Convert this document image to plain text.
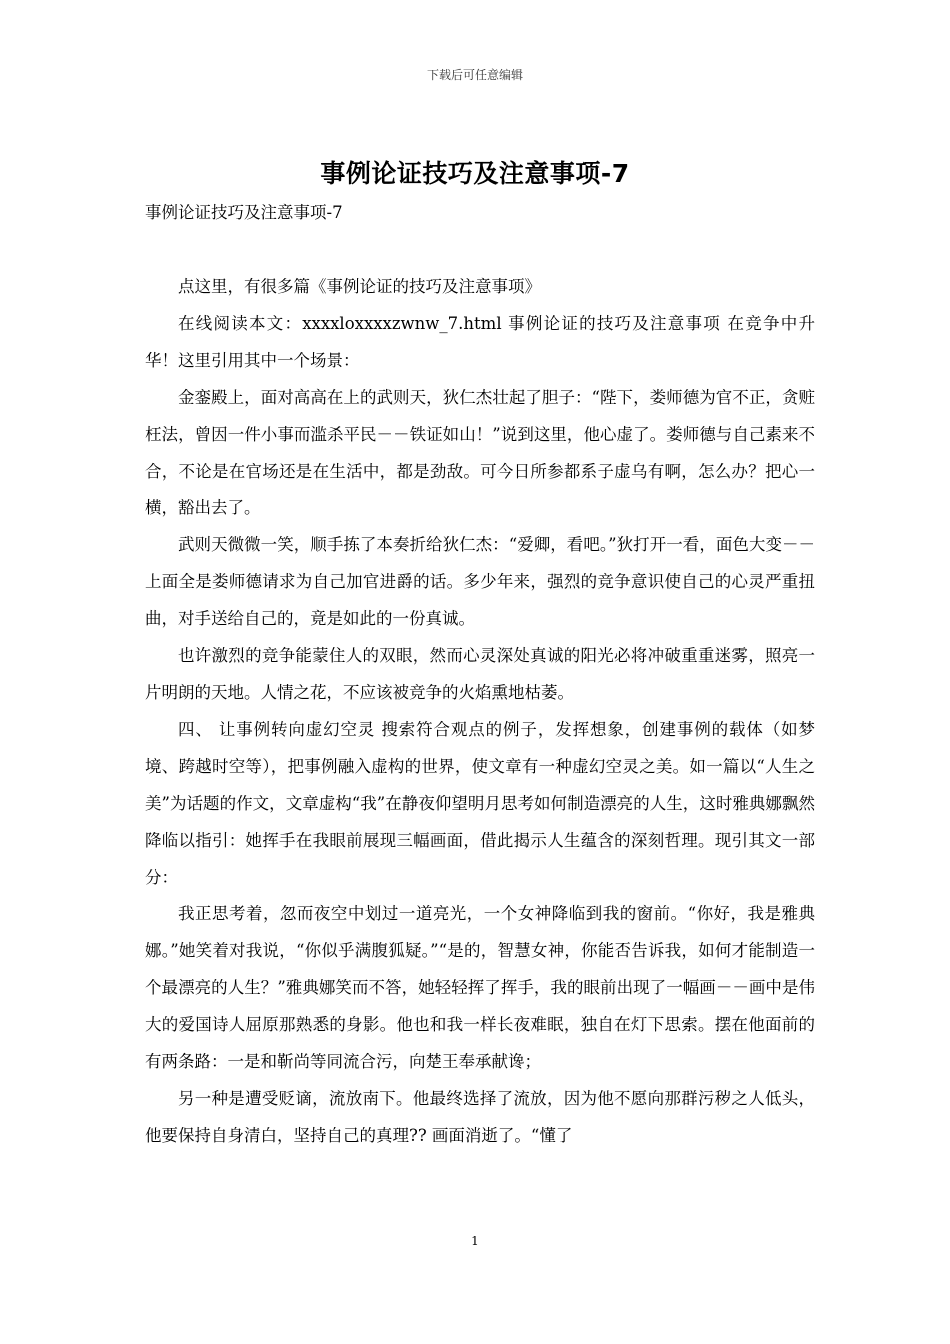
下载后可任意编辑
事例论证技巧及注意事项-7
事例论证技巧及注意事项-7

点这里，有很多篇《事例论证的技巧及注意事项》

在线阅读本文：xxxxloxxxxzwnw_7.html 事例论证的技巧及注意事项 在竞争中升华！这里引用其中一个场景：

金銮殿上，面对高高在上的武则天，狄仁杰壮起了胆子：“陛下，娄师德为官不正，贪赃枉法，曾因一件小事而滥杀平民－－铁证如山！”说到这里，他心虚了。娄师德与自己素来不合，不论是在官场还是在生活中，都是劲敌。可今日所参都系子虚乌有啊，怎么办？把心一横，豁出去了。

武则天微微一笑，顺手拣了本奏折给狄仁杰：“爱卿，看吧。”狄打开一看，面色大变－－上面全是娄师德请求为自己加官进爵的话。多少年来，强烈的竞争意识使自己的心灵严重扭曲，对手送给自己的，竟是如此的一份真诚。

也许激烈的竞争能蒙住人的双眼，然而心灵深处真诚的阳光必将冲破重重迷雾，照亮一片明朗的天地。人情之花，不应该被竞争的火焰熏地枯萎。

四、 让事例转向虚幻空灵 搜索符合观点的例子，发挥想象，创建事例的载体（如梦境、跨越时空等），把事例融入虚构的世界，使文章有一种虚幻空灵之美。如一篇以“人生之美”为话题的作文，文章虚构“我”在静夜仰望明月思考如何制造漂亮的人生，这时雅典娜飘然降临以指引：她挥手在我眼前展现三幅画面，借此揭示人生蕴含的深刻哲理。现引其文一部分：

我正思考着，忽而夜空中划过一道亮光，一个女神降临到我的窗前。“你好，我是雅典娜。”她笑着对我说，“你似乎满腹狐疑。”“是的，智慧女神，你能否告诉我，如何才能制造一个最漂亮的人生？”雅典娜笑而不答，她轻轻挥了挥手，我的眼前出现了一幅画－－画中是伟大的爱国诗人屈原那熟悉的身影。他也和我一样长夜难眠，独自在灯下思索。摆在他面前的有两条路：一是和靳尚等同流合污，向楚王奉承献谗；

另一种是遭受贬谪，流放南下。他最终选择了流放，因为他不愿向那群污秽之人低头，他要保持自身清白，坚持自己的真理?? 画面消逝了。“懂了

1
